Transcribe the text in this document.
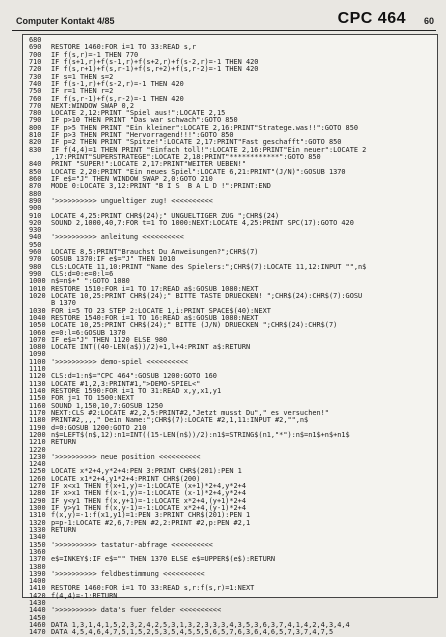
Computer Kontakt 4/85	CPC 464 60
680
690 RESTORE 1460:FOR i=1 TO 33:READ s,r
700 IF f(s,r)=-1 THEN 770
710 IF f(s+1,r)+f(s-1,r)+f(s+2,r)+f(s-2,r)=-1 THEN 420
720 IF f(s,r+1)+f(s,r-1)+f(s,r+2)+f(s,r-2)=-1 THEN 420
730 IF s=1 THEN s=2
740 IF f(s-1,r)+f(s-2,r)=-1 THEN 420
750 IF r=1 THEN r=2
760 IF f(s,r-1)+f(s,r-2)=-1 THEN 420
770 NEXT:WINDOW SWAP 0,2
780 LOCATE 2,12:PRINT "Spiel aus!":LOCATE 2,15
790 IF p>10 THEN PRINT "Das war schwach":GOTO 850
800 IF p>5 THEN PRINT "Ein kleiner":LOCATE 2,16:PRINT"Stratege.was!!":GOTO 850
810 IF p>3 THEN PRINT "Hervorragend!!!":GOTO 850
820 IF p=2 THEN PRINT "Spitze!":LOCATE 2,17:PRINT"Fast geschafft":GOTO 850
830 IF f(4,4)=1 THEN PRINT "Einfach toll!":LOCATE 2,16:PRINT"Ein neuer":LOCATE 2
,17:PRINT"SUPERSTRATEGE":LOCATE 2,18:PRINT"************":GOTO 850
840 PRINT "SUPER!":LOCATE 2,17:PRINT"WEITER UEBEN!"
850 LOCATE 2,20:PRINT "Ein neues Spiel":LOCATE 6,21:PRINT"(J/N)":GOSUB 1370
860 IF e$="J" THEN WINDOW SWAP 2,0:GOTO 210
870 MODE 0:LOCATE 3,12:PRINT "B I S  B A L D !":PRINT:END
880
890 '>>>>>>>>>> ungueltiger zug! <<<<<<<<<<
900
910 LOCATE 4,25:PRINT CHR$(24);" UNGUELTIGER ZUG ";CHR$(24)
920 SOUND 2,1000,40,7:FOR t=1 TO 1000:NEXT:LOCATE 4,25:PRINT SPC(17):GOTO 420
930
940 '>>>>>>>>>> anleitung <<<<<<<<<<
950
960 LOCATE 8,5:PRINT"Brauchst Du Anweisungen?";CHR$(7)
970 GOSUB 1370:IF e$="J" THEN 1010
980 CLS:LOCATE 11,10:PRINT "Name des Spielers:";CHR$(7):LOCATE 11,12:INPUT "",n$
990 CLS:d=0:e=0:l=6
1000 n$=n$+" ":GOTO 1080
1010 RESTORE 1510:FOR i=1 TO 17:READ a$:GOSUB 1080:NEXT
1020 LOCATE 10,25:PRINT CHR$(24);" BITTE TASTE DRUECKEN! ";CHR$(24):CHR$(7):GOSU
B 1370
1030 FOR i=5 TO 23 STEP 2:LOCATE 1,i:PRINT SPACE$(40):NEXT
1040 RESTORE 1540:FOR i=1 TO 16:READ a$:GOSUB 1080:NEXT
1050 LOCATE 10,25:PRINT CHR$(24);" BITTE (J/N) DRUECKEN ";CHR$(24):CHR$(7)
1060 e=0:l=6:GOSUB 1370
1070 IF e$="J" THEN 1120 ELSE 980
1080 LOCATE INT((40-LEN(a$))/2)+1,l+4:PRINT a$:RETURN
1090
1100 '>>>>>>>>>> demo-spiel <<<<<<<<<<
1110
1120 CLS:d=1:n$="CPC 464":GOSUB 1200:GOTO 160
1130 LOCATE #1,2,3:PRINT#1,">DEMO-SPIEL<"
1140 RESTORE 1590:FOR i=1 TO 31:READ x,y,x1,y1
1150 FOR j=1 TO 1500:NEXT
1160 SOUND 1,150,10,7:GOSUB 1250
1170 NEXT:CLS #2:LOCATE #2,2,5:PRINT#2,"Jetzt musst Du"," es versuchen!"
1180 PRINT#2,,,," Dein Name:";CHR$(7):LOCATE #2,1,11:INPUT #2,"",n$
1190 d=0:GOSUB 1200:GOTO 210
1200 n$=LEFT$(n$,12):n1=INT((15-LEN(n$))/2):n1$=STRING$(n1,"*"):n$=n1$+n$+n1$
1210 RETURN
1220
1230 '>>>>>>>>>> neue position <<<<<<<<<<
1240
1250 LOCATE x*2+4,y*2+4:PEN 3:PRINT CHR$(201):PEN 1
1260 LOCATE x1*2+4,y1*2+4:PRINT CHR$(200)
1270 IF x<x1 THEN f(x+1,y)=-1:LOCATE (x+1)*2+4,y*2+4
1280 IF x>x1 THEN f(x-1,y)=-1:LOCATE (x-1)*2+4,y*2+4
1290 IF y<y1 THEN f(x,y+1)=-1:LOCATE x*2+4,(y+1)*2+4
1300 IF y>y1 THEN f(x,y-1)=-1:LOCATE x*2+4,(y-1)*2+4
1310 f(x,y)=-1:f(x1,y1)=1:PEN 3:PRINT CHR$(201):PEN 1
1320 p=p-1:LOCATE #2,6,7:PEN #2,2:PRINT #2,p:PEN #2,1
1330 RETURN
1340
1350 '>>>>>>>>>> tastatur-abfrage <<<<<<<<<<
1360
1370 e$=INKEY$:IF e$="" THEN 1370 ELSE e$=UPPER$(e$):RETURN
1380
1390 '>>>>>>>>>> feldbestimmung <<<<<<<<<<
1400
1410 RESTORE 1460:FOR i=1 TO 33:READ s,r:f(s,r)=1:NEXT
1420 f(4,4)=-1:RETURN
1430
1440 '>>>>>>>>>> data's fuer felder <<<<<<<<<<
1450
1460 DATA 1,3,1,4,1,5,2,3,2,4,2,5,3,1,3,2,3,3,3,4,3,5,3,6,3,7,4,1,4,2,4,3,4,4
1470 DATA 4,5,4,6,4,7,5,1,5,2,5,3,5,4,5,5,5,6,5,7,6,3,6,4,6,5,7,3,7,4,7,5
